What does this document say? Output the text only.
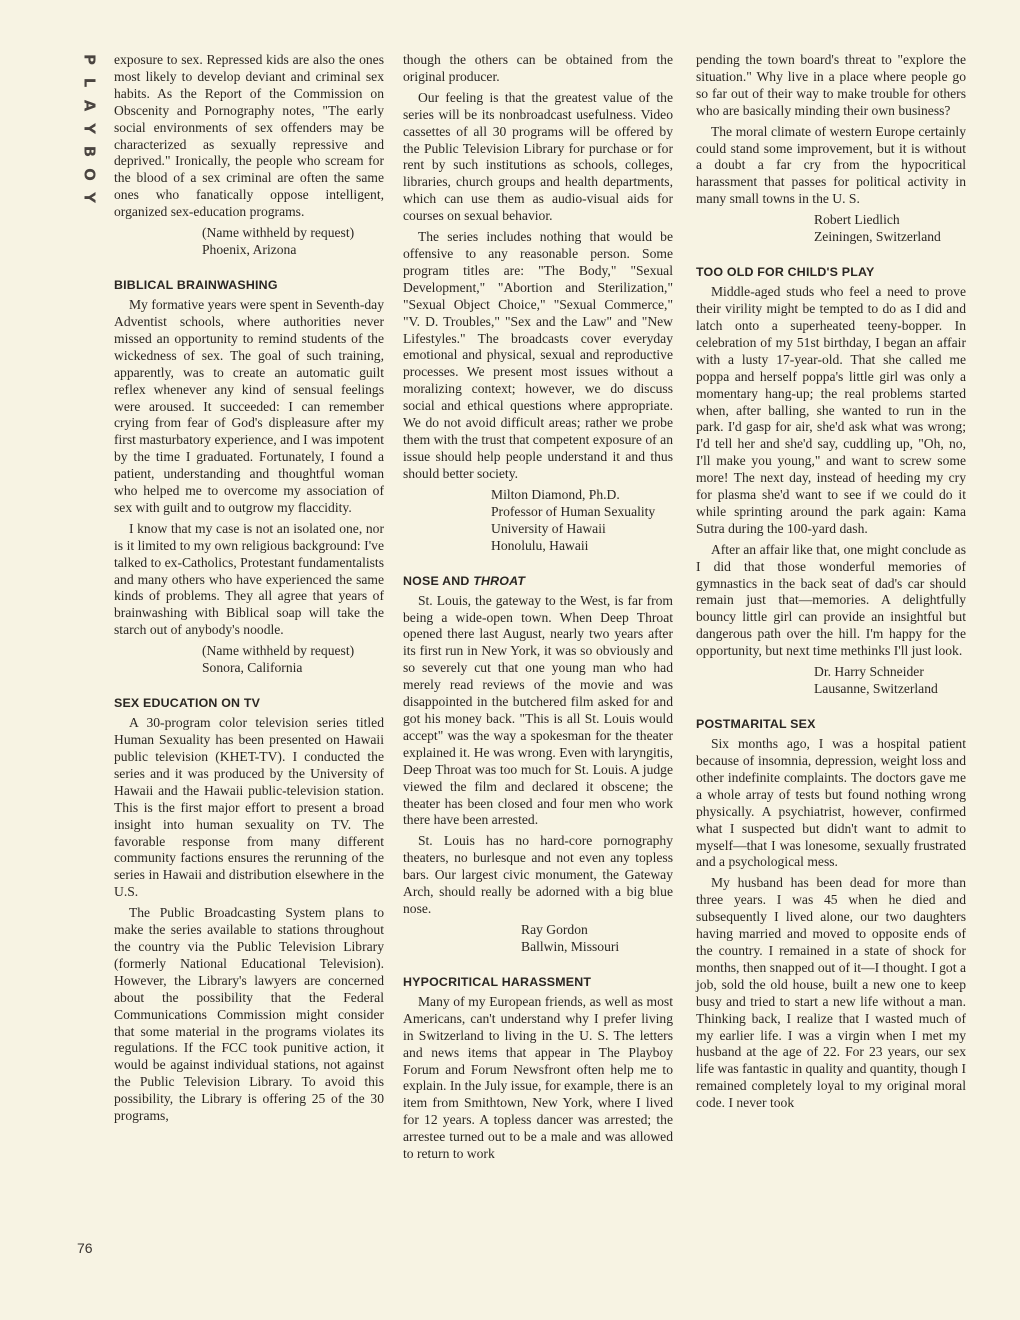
P
L
A
Y
B
O
Y
76

exposure to sex. Repressed kids are also the ones most likely to develop deviant and criminal sex habits. As the Report of the Commission on Obscenity and Pornography notes, "The early social environments of sex offenders may be characterized as sexually repressive and deprived." Ironically, the people who scream for the blood of a sex criminal are often the same ones who fanatically oppose intelligent, organized sex-education programs.

(Name withheld by request)
Phoenix, Arizona
BIBLICAL BRAINWASHING

My formative years were spent in Seventh-day Adventist schools, where authorities never missed an opportunity to remind students of the wickedness of sex. The goal of such training, apparently, was to create an automatic guilt reflex whenever any kind of sensual feelings were aroused. It succeeded: I can remember crying from fear of God's displeasure after my first masturbatory experience, and I was impotent by the time I graduated. Fortunately, I found a patient, understanding and thoughtful woman who helped me to overcome my association of sex with guilt and to outgrow my flaccidity.

I know that my case is not an isolated one, nor is it limited to my own religious background: I've talked to ex-Catholics, Protestant fundamentalists and many others who have experienced the same kinds of problems. They all agree that years of brainwashing with Biblical soap will take the starch out of anybody's noodle.

(Name withheld by request)
Sonora, California
SEX EDUCATION ON TV

A 30-program color television series titled Human Sexuality has been presented on Hawaii public television (KHET-TV). I conducted the series and it was produced by the University of Hawaii and the Hawaii public-television station. This is the first major effort to present a broad insight into human sexuality on TV. The favorable response from many different community factions ensures the rerunning of the series in Hawaii and distribution elsewhere in the U.S.

The Public Broadcasting System plans to make the series available to stations throughout the country via the Public Television Library (formerly National Educational Television). However, the Library's lawyers are concerned about the possibility that the Federal Communications Commission might consider that some material in the programs violates its regulations. If the FCC took punitive action, it would be against individual stations, not against the Public Television Library. To avoid this possibility, the Library is offering 25 of the 30 programs,

though the others can be obtained from the original producer.

Our feeling is that the greatest value of the series will be its nonbroadcast usefulness. Video cassettes of all 30 programs will be offered by the Public Television Library for purchase or for rent by such institutions as schools, colleges, libraries, church groups and health departments, which can use them as audio-visual aids for courses on sexual behavior.

The series includes nothing that would be offensive to any reasonable person. Some program titles are: "The Body," "Sexual Development," "Abortion and Sterilization," "Sexual Object Choice," "Sexual Commerce," "V. D. Troubles," "Sex and the Law" and "New Lifestyles." The broadcasts cover everyday emotional and physical, sexual and reproductive processes. We present most issues without a moralizing context; however, we do discuss social and ethical questions where appropriate. We do not avoid difficult areas; rather we probe them with the trust that competent exposure of an issue should help people understand it and thus should better society.

Milton Diamond, Ph.D.
Professor of Human Sexuality
University of Hawaii
Honolulu, Hawaii
NOSE AND THROAT

St. Louis, the gateway to the West, is far from being a wide-open town. When Deep Throat opened there last August, nearly two years after its first run in New York, it was so obviously and so severely cut that one young man who had merely read reviews of the movie and was disappointed in the butchered film asked for and got his money back. "This is all St. Louis would accept" was the way a spokesman for the theater explained it. He was wrong. Even with laryngitis, Deep Throat was too much for St. Louis. A judge viewed the film and declared it obscene; the theater has been closed and four men who work there have been arrested.

St. Louis has no hard-core pornography theaters, no burlesque and not even any topless bars. Our largest civic monument, the Gateway Arch, should really be adorned with a big blue nose.

Ray Gordon
Ballwin, Missouri
HYPOCRITICAL HARASSMENT

Many of my European friends, as well as most Americans, can't understand why I prefer living in Switzerland to living in the U. S. The letters and news items that appear in The Playboy Forum and Forum Newsfront often help me to explain. In the July issue, for example, there is an item from Smithtown, New York, where I lived for 12 years. A topless dancer was arrested; the arrestee turned out to be a male and was allowed to return to work

pending the town board's threat to "explore the situation." Why live in a place where people go so far out of their way to make trouble for others who are basically minding their own business?

The moral climate of western Europe certainly could stand some improvement, but it is without a doubt a far cry from the hypocritical harassment that passes for political activity in many small towns in the U. S.

Robert Liedlich
Zeiningen, Switzerland
TOO OLD FOR CHILD'S PLAY

Middle-aged studs who feel a need to prove their virility might be tempted to do as I did and latch onto a superheated teeny-bopper. In celebration of my 51st birthday, I began an affair with a lusty 17-year-old. That she called me poppa and herself poppa's little girl was only a momentary hang-up; the real problems started when, after balling, she wanted to run in the park. I'd gasp for air, she'd ask what was wrong; I'd tell her and she'd say, cuddling up, "Oh, no, I'll make you young," and want to screw some more! The next day, instead of heeding my cry for plasma she'd want to see if we could do it while sprinting around the park again: Kama Sutra during the 100-yard dash.

After an affair like that, one might conclude as I did that those wonderful memories of gymnastics in the back seat of dad's car should remain just that—memories. A delightfully bouncy little girl can provide an insightful but dangerous path over the hill. I'm happy for the opportunity, but next time methinks I'll just look.

Dr. Harry Schneider
Lausanne, Switzerland
POSTMARITAL SEX

Six months ago, I was a hospital patient because of insomnia, depression, weight loss and other indefinite complaints. The doctors gave me a whole array of tests but found nothing wrong physically. A psychiatrist, however, confirmed what I suspected but didn't want to admit to myself—that I was lonesome, sexually frustrated and a psychological mess.

My husband has been dead for more than three years. I was 45 when he died and subsequently I lived alone, our two daughters having married and moved to opposite ends of the country. I remained in a state of shock for months, then snapped out of it—I thought. I got a job, sold the old house, built a new one to keep busy and tried to start a new life without a man. Thinking back, I realize that I wasted much of my earlier life. I was a virgin when I met my husband at the age of 22. For 23 years, our sex life was fantastic in quality and quantity, though I remained completely loyal to my original moral code. I never took
